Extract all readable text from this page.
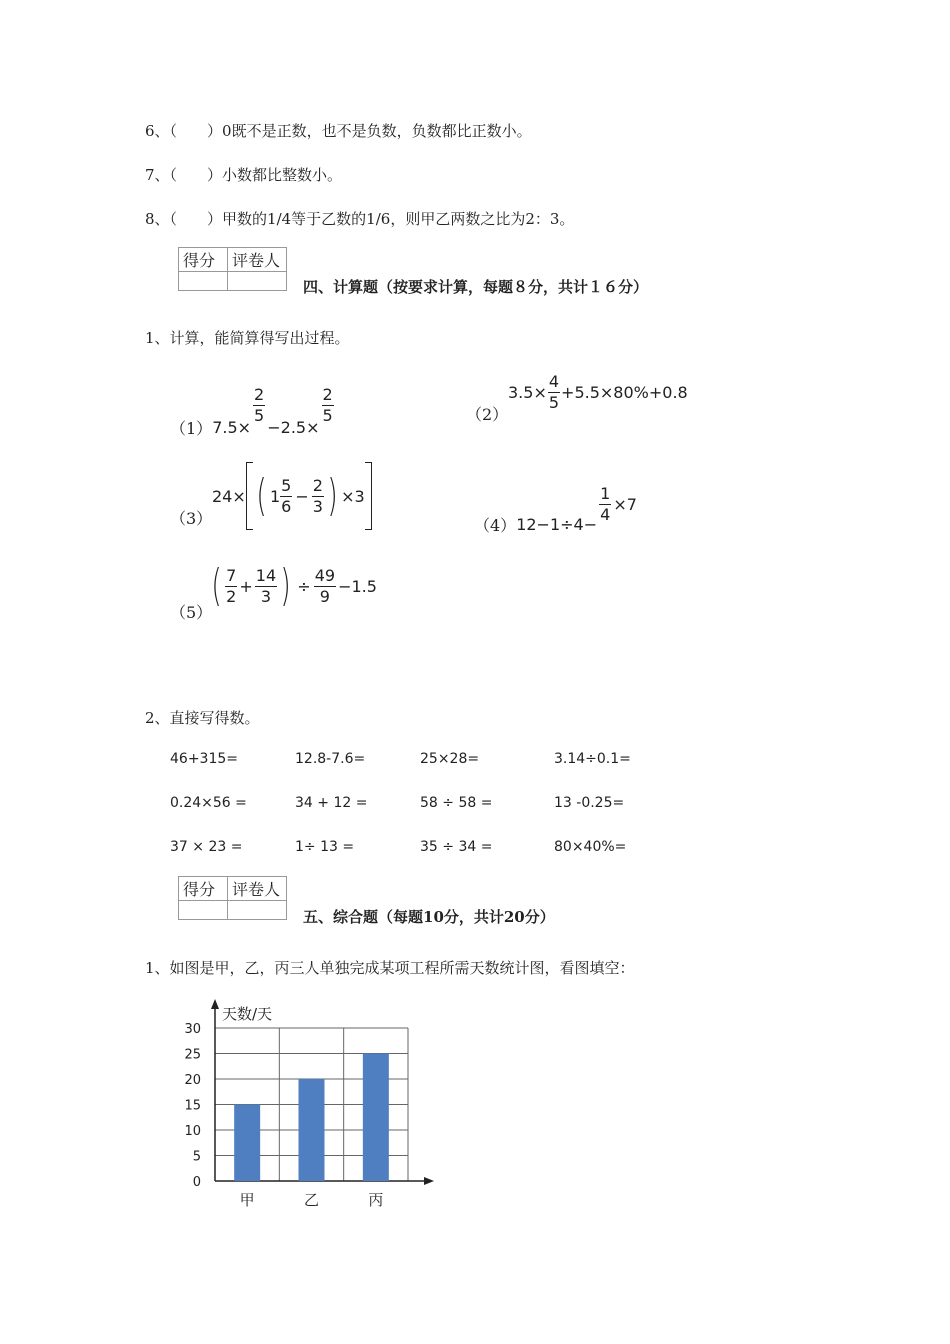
6、（　　）0既不是正数，也不是负数，负数都比正数小。
7、（　　）小数都比整数小。
8、（　　）甲数的1/4等于乙数的1/6，则甲乙两数之比为2：3。
得分	评卷人

四、计算题（按要求计算，每题８分，共计１６分）
1、计算，能简算得写出过程。
（1） 7.5×
$\frac{2}{5}$
−2.5×
$\frac{2}{5}$	（2）
$3.5\times \frac{4}{5} +5.5\times 80\%+0.8$
（3）
24× ( $1 \frac{5}{6} - \frac{2}{3}$ ) ×3
（4） $12-1\div 4- \frac{1}{4} \times 7$
（5）
( $\frac{7}{2} + \frac{14}{3}$ ) ÷ $\frac{49}{9} -1.5$
2、直接写得数。
46+315=	12.8-7.6=	25×28=	3.14÷0.1=
0.24×56 =	34 + 12 =	58 ÷ 58 =	13 -0.25=
37 × 23 =	1÷ 13 =	35 ÷ 34 =	80×40%=
得分	评卷人

五、综合题（每题10分，共计20分）
1、如图是甲，乙，丙三人单独完成某项工程所需天数统计图，看图填空：
0
5
10
15
20
25
30
天数/天
甲	乙	丙
